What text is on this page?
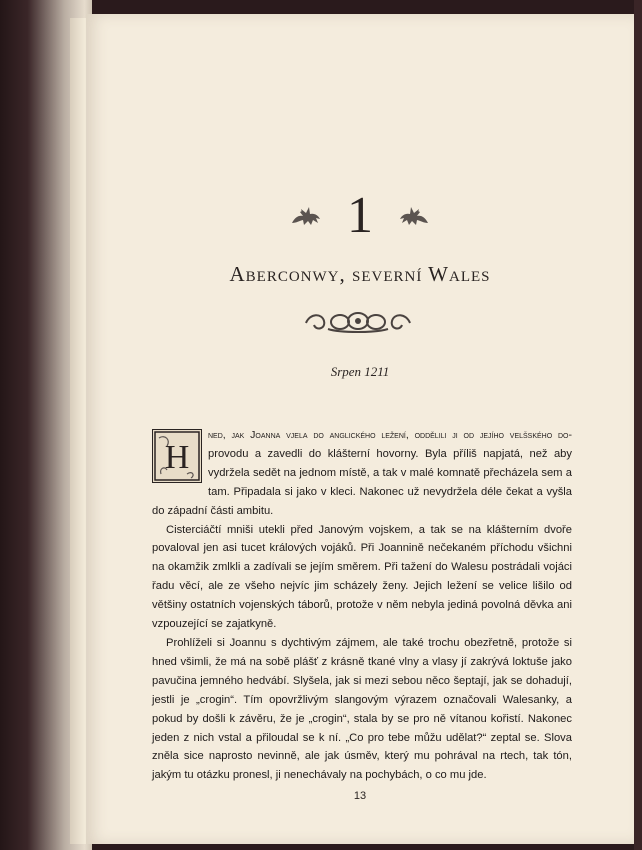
1
Aberconwy, severní Wales
Srpen 1211

H
ned, jak Joanna vjela do anglického ležení, oddělili ji od jejího velšského do- provodu a zavedli do klášterní hovorny. Byla příliš napjatá, než aby vydržela sedět na jednom místě, a tak v malé komnatě přecházela sem a tam. Připadala si jako v kleci. Nakonec už nevydržela déle čekat a vyšla do západní části ambitu.

Cisterciáčtí mniši utekli před Janovým vojskem, a tak se na klášterním dvoře povaloval jen asi tucet králových vojáků. Při Joannině nečekaném příchodu všichni na okamžik zmlkli a zadívali se jejím směrem. Při tažení do Walesu postrádali vojáci řadu věcí, ale ze všeho nejvíc jim scházely ženy. Jejich ležení se velice lišilo od většiny ostatních vojenských táborů, protože v něm nebyla jediná povolná děvka ani vzpouzející se zajatkyně.

Prohlíželi si Joannu s dychtivým zájmem, ale také trochu obezřetně, protože si hned všimli, že má na sobě plášť z krásně tkané vlny a vlasy jí zakrývá loktuše jako pavučina jemného hedvábí. Slyšela, jak si mezi sebou něco šeptají, jak se dohadují, jestli je „crogin“. Tím opovržlivým slangovým výrazem označovali Walesanky, a pokud by došli k závěru, že je „crogin“, stala by se pro ně vítanou kořistí. Nakonec jeden z nich vstal a přiloudal se k ní. „Co pro tebe můžu udělat?“ zeptal se. Slova zněla sice naprosto nevinně, ale jak úsměv, který mu pohrával na rtech, tak tón, jakým tu otázku pronesl, ji nenechávaly na pochybách, o co mu jde.

13
